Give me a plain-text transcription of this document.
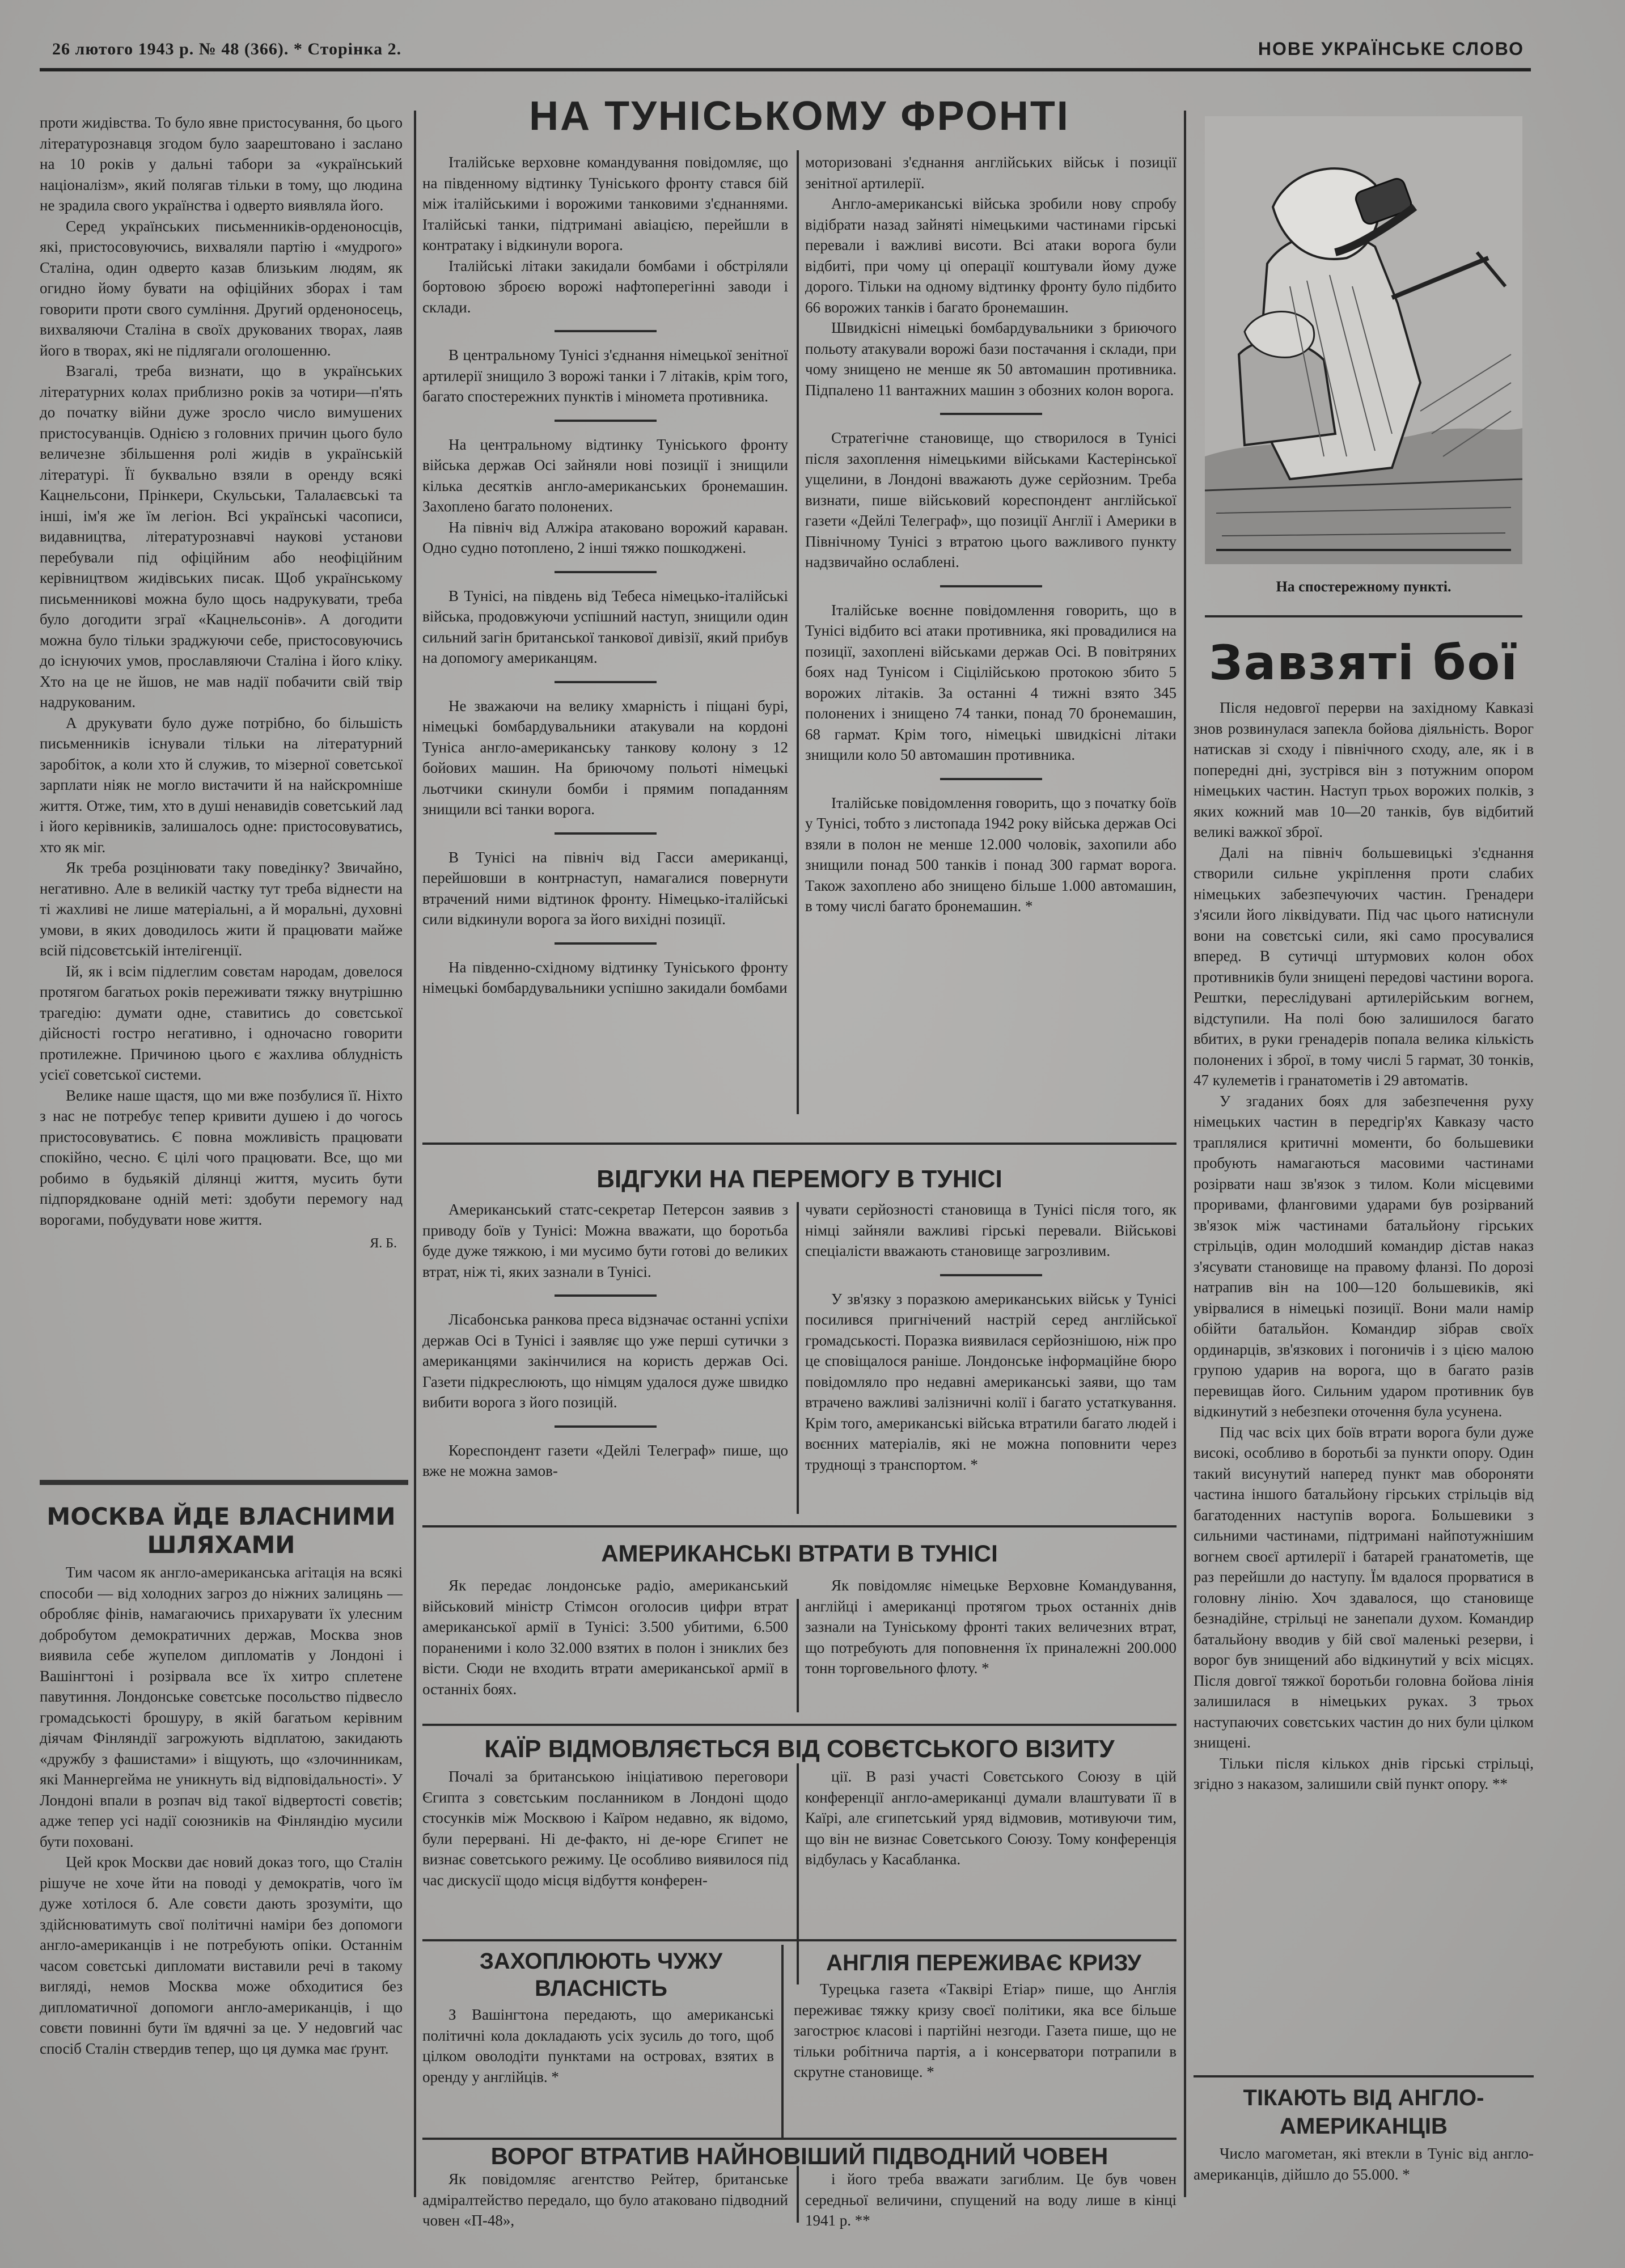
26 лютого 1943 р. № 48 (366). * Сторінка 2.	НОВЕ УКРАЇНСЬКЕ СЛОВО

проти жидівства. То було явне пристосування, бо цього літературознавця згодом було заарештовано і заслано на 10 років у дальні табори за «український націоналізм», який полягав тільки в тому, що людина не зрадила свого українства і одверто виявляла його.

Серед українських письменників-орденоносців, які, пристосовуючись, вихваляли партію і «мудрого» Сталіна, один одверто казав близьким людям, як огидно йому бувати на офіційних зборах і там говорити проти свого сумління. Другий орденоносець, вихваляючи Сталіна в своїх друкованих творах, лаяв його в творах, які не підлягали оголошенню.

Взагалі, треба визнати, що в українських літературних колах приблизно років за чотири—п'ять до початку війни дуже зросло число вимушених пристосуванців. Однією з головних причин цього було величезне збільшення ролі жидів в українській літературі. Її буквально взяли в оренду всякі Кацнельсони, Прінкери, Скульськи, Талалаєвські та інші, ім'я же їм легіон. Всі українські часописи, видавництва, літературознавчі наукові установи перебували під офіційним або неофіційним керівництвом жидівських писак. Щоб українському письменникові можна було щось надрукувати, треба було догодити зграї «Кацнельсонів». А догодити можна було тільки зраджуючи себе, пристосовуючись до існуючих умов, прославляючи Сталіна і його кліку. Хто на це не йшов, не мав надії побачити свій твір надрукованим.

А друкувати було дуже потрібно, бо більшість письменників існували тільки на літературний заробіток, а коли хто й служив, то мізерної советської зарплати ніяк не могло вистачити й на найскромніше життя. Отже, тим, хто в душі ненавидів советський лад і його керівників, залишалось одне: пристосовуватись, хто як міг.

Як треба розцінювати таку поведінку? Звичайно, негативно. Але в великій частку тут треба віднести на ті жахливі не лише матеріальні, а й моральні, духовні умови, в яких доводилось жити й працювати майже всій підсовєтській інтелігенції.

Ій, як і всім підлеглим совєтам народам, довелося протягом багатьох років переживати тяжку внутрішню трагедію: думати одне, ставитись до совєтської дійсності гостро негативно, і одночасно говорити протилежне. Причиною цього є жахлива облудність усієї советської системи.

Велике наше щастя, що ми вже позбулися її. Ніхто з нас не потребує тепер кривити душею і до чогось пристосовуватись. Є повна можливість працювати спокійно, чесно. Є цілі чого працювати. Все, що ми робимо в будьякій ділянці життя, мусить бути підпорядковане одній меті: здобути перемогу над ворогами, побудувати нове життя.

Я. Б.
МОСКВА ЙДЕ ВЛАСНИМИ ШЛЯХАМИ

Тим часом як англо-американська агітація на всякі способи — від холодних загроз до ніжних залицянь — обробляє фінів, намагаючись прихарувати їх улесним добробутом демократичних держав, Москва знов виявила себе жупелом дипломатів у Лондоні і Вашінгтоні і розірвала все їх хитро сплетене павутиння. Лондонське совєтське посольство підвесло громадськості брошуру, в якій багатьом керівним діячам Фінляндії загрожують відплатою, закидають «дружбу з фашистами» і віщують, що «злочинникам, які Маннергейма не уникнуть від відповідальності». У Лондоні впали в розпач від такої відвертості совєтів; адже тепер усі надії союзників на Фінляндію мусили бути поховані.

Цей крок Москви дає новий доказ того, що Сталін рішуче не хоче йти на поводі у демократів, чого їм дуже хотілося б. Але совєти дають зрозуміти, що здійснюватимуть свої політичні наміри без допомоги англо-американців і не потребують опіки. Останнім часом совєтські дипломати виставили речі в такому вигляді, немов Москва може обходитися без дипломатичної допомоги англо-американців, і що совєти повинні бути їм вдячні за це. У недовгий час спосіб Сталін ствердив тепер, що ця думка має ґрунт.

НА ТУНІСЬКОМУ ФРОНТІ

Італійське верховне командування повідомляє, що на південному відтинку Туніського фронту стався бій між італійськими і ворожими танковими з'єднаннями. Італійські танки, підтримані авіацією, перейшли в контратаку і відкинули ворога.

Італійські літаки закидали бомбами і обстріляли бортовою зброєю ворожі нафтоперегінні заводи і склади.

В центральному Тунісі з'єднання німецької зенітної артилерії знищило 3 ворожі танки і 7 літаків, крім того, багато спостережних пунктів і міномета противника.

На центральному відтинку Туніського фронту війська держав Осі зайняли нові позиції і знищили кілька десятків англо-американських бронемашин. Захоплено багато полонених.

На північ від Алжіра атаковано ворожий караван. Одно судно потоплено, 2 інші тяжко пошкоджені.

В Тунісі, на південь від Тебеса німецько-італійські війська, продовжуючи успішний наступ, знищили один сильний загін британської танкової дивізії, який прибув на допомогу американцям.

Не зважаючи на велику хмарність і піщані бурі, німецькі бомбардувальники атакували на кордоні Туніса англо-американську танкову колону з 12 бойових машин. На бриючому польоті німецькі льотчики скинули бомби і прямим попаданням знищили всі танки ворога.

В Тунісі на північ від Гасси американці, перейшовши в контрнаступ, намагалися повернути втрачений ними відтинок фронту. Німецько-італійські сили відкинули ворога за його вихідні позиції.

На південно-східному відтинку Туніського фронту німецькі бомбардувальники успішно закидали бомбами

моторизовані з'єднання англійських військ і позиції зенітної артилерії.

Англо-американські війська зробили нову спробу відібрати назад зайняті німецькими частинами гірські перевали і важливі висоти. Всі атаки ворога були відбиті, при чому ці операції коштували йому дуже дорого. Тільки на одному відтинку фронту було підбито 66 ворожих танків і багато бронемашин.

Швидкісні німецькі бомбардувальники з бриючого польоту атакували ворожі бази постачання і склади, при чому знищено не менше як 50 автомашин противника. Підпалено 11 вантажних машин з обозних колон ворога.

Стратегічне становище, що створилося в Тунісі після захоплення німецькими військами Кастерінської ущелини, в Лондоні вважають дуже серйозним. Треба визнати, пише військовий кореспондент англійської газети «Дейлі Телеграф», що позиції Англії і Америки в Північному Тунісі з втратою цього важливого пункту надзвичайно ослаблені.

Італійське воєнне повідомлення говорить, що в Тунісі відбито всі атаки противника, які провадилися на позиції, захоплені військами держав Осі. В повітряних боях над Тунісом і Сіцілійською протокою збито 5 ворожих літаків. За останні 4 тижні взято 345 полонених і знищено 74 танки, понад 70 бронемашин, 68 гармат. Крім того, німецькі швидкісні літаки знищили коло 50 автомашин противника.

Італійське повідомлення говорить, що з початку боїв у Тунісі, тобто з листопада 1942 року війська держав Осі взяли в полон не менше 12.000 чоловік, захопили або знищили понад 500 танків і понад 300 гармат ворога. Також захоплено або знищено більше 1.000 автомашин, в тому числі багато бронемашин. *

ВІДГУКИ НА ПЕРЕМОГУ В ТУНІСІ

Американський статс-секретар Петерсон заявив з приводу боїв у Тунісі: Можна вважати, що боротьба буде дуже тяжкою, і ми мусимо бути готові до великих втрат, ніж ті, яких зазнали в Тунісі.

Лісабонська ранкова преса відзначає останні успіхи держав Осі в Тунісі і заявляє що уже перші сутички з американцями закінчилися на користь держав Осі. Газети підкреслюють, що німцям удалося дуже швидко вибити ворога з його позицій.

Кореспондент газети «Дейлі Телеграф» пише, що вже не можна замов-

чувати серйозності становища в Тунісі після того, як німці зайняли важливі гірські перевали. Військові спеціалісти вважають становище загрозливим.

У зв'язку з поразкою американських військ у Тунісі посилився пригнічений настрій серед англійської громадськості. Поразка виявилася серйознішою, ніж про це сповіщалося раніше. Лондонське інформаційне бюро повідомляло про недавні американські заяви, що там втрачено важливі залізничні колії і багато устаткування. Крім того, американські війська втратили багато людей і воєнних матеріалів, які не можна поповнити через труднощі з транспортом. *

АМЕРИКАНСЬКІ ВТРАТИ В ТУНІСІ

Як передає лондонське радіо, американський військовий міністр Стімсон оголосив цифри втрат американської армії в Тунісі: 3.500 убитими, 6.500 пораненими і коло 32.000 взятих в полон і зниклих без вісти. Сюди не входить втрати американської армії в останніх боях.

Як повідомляє німецьке Верховне Командування, англійці і американці протягом трьох останніх днів зазнали на Туніському фронті таких величезних втрат, що потребують для поповнення їх приналежні 200.000 тонн торговельного флоту. *

КАЇР ВІДМОВЛЯЄТЬСЯ ВІД СОВЄТСЬКОГО ВІЗИТУ

Почалі за британською ініціативою переговори Єгипта з совєтським посланником в Лондоні щодо стосунків між Москвою і Каїром недавно, як відомо, були перервані. Ні де-факто, ні де-юре Єгипет не визнає советського режиму. Це особливо виявилося під час дискусії щодо місця відбуття конферен-

ції. В разі участі Совєтського Союзу в цій конференції англо-американці думали влаштувати її в Каїрі, але єгипетський уряд відмовив, мотивуючи тим, що він не визнає Советського Союзу. Тому конференція відбулась у Касабланка.

ЗАХОПЛЮЮТЬ ЧУЖУ ВЛАСНІСТЬ

З Вашінгтона передають, що американські політичні кола докладають усіх зусиль до того, щоб цілком оволодіти пунктами на островах, взятих в оренду у англійців. *

АНГЛІЯ ПЕРЕЖИВАЄ КРИЗУ

Турецька газета «Таквірі Етіар» пише, що Англія переживає тяжку кризу своєї політики, яка все більше загострює класові і партійні незгоди. Газета пише, що не тільки робітнича партія, а і консерватори потрапили в скрутне становище. *

ВОРОГ ВТРАТИВ НАЙНОВІШИЙ ПІДВОДНИЙ ЧОВЕН

Як повідомляє агентство Рейтер, британське адміралтейство передало, що було атаковано підводний човен «П-48»,

і його треба вважати загиблим. Це був човен середньої величини, спущений на воду лише в кінці 1941 р. **

На спостережному пункті.
Завзяті бої

Після недовгої перерви на західному Кавказі знов розвинулася запекла бойова діяльність. Ворог натискав зі сходу і північного сходу, але, як і в попередні дні, зустрівся він з потужним опором німецьких частин. Наступ трьох ворожих полків, з яких кожний мав 10—20 танків, був відбитий великі важкої зброї.

Далі на північ большевицькі з'єднання створили сильне укріплення проти слабих німецьких забезпечуючих частин. Гренадери з'ясили його ліквідувати. Під час цього натиснули вони на совєтські сили, які само просувалися вперед. В сутичці штурмових колон обох противників були знищені передові частини ворога. Рештки, переслідувані артилерійським вогнем, відступили. На полі бою залишилося багато вбитих, в руки гренадерів попала велика кількість полонених і зброї, в тому числі 5 гармат, 30 тонків, 47 кулеметів і гранатометів і 29 автоматів.

У згаданих боях для забезпечення руху німецьких частин в передгір'ях Кавказу часто траплялися критичні моменти, бо большевики пробують намагаються масовими частинами розірвати наш зв'язок з тилом. Коли місцевими проривами, фланговими ударами був розірваний зв'язок між частинами батальйону гірських стрільців, один молодший командир дістав наказ з'ясувати становище на правому фланзі. По дорозі натрапив він на 100—120 большевиків, які увірвалися в німецькі позиції. Вони мали намір обійти батальйон. Командир зібрав своїх ординарців, зв'язкових і погоничів і з цією малою групою ударив на ворога, що в багато разів перевищав його. Сильним ударом противник був відкинутий з небезпеки оточення була усунена.

Під час всіх цих боїв втрати ворога були дуже високі, особливо в боротьбі за пункти опору. Один такий висунутий наперед пункт мав обороняти частина іншого батальйону гірських стрільців від багатоденних наступів ворога. Большевики з сильними частинами, підтримані найпотужнішим вогнем своєї артилерії і батарей гранатометів, ще раз перейшли до наступу. Їм вдалося прорватися в головну лінію. Хоч здавалося, що становище безнадійне, стрільці не занепали духом. Командир батальйону вводив у бій свої маленькі резерви, і ворог був знищений або відкинутий у всіх місцях. Після довгої тяжкої боротьби головна бойова лінія залишилася в німецьких руках. З трьох наступаючих совєтських частин до них були цілком знищені.

Тільки після кількох днів гірські стрільці, згідно з наказом, залишили свій пункт опору. **

ТІКАЮТЬ ВІД АНГЛО-АМЕРИКАНЦІВ

Число магометан, які втекли в Туніс від англо-американців, дійшло до 55.000. *
